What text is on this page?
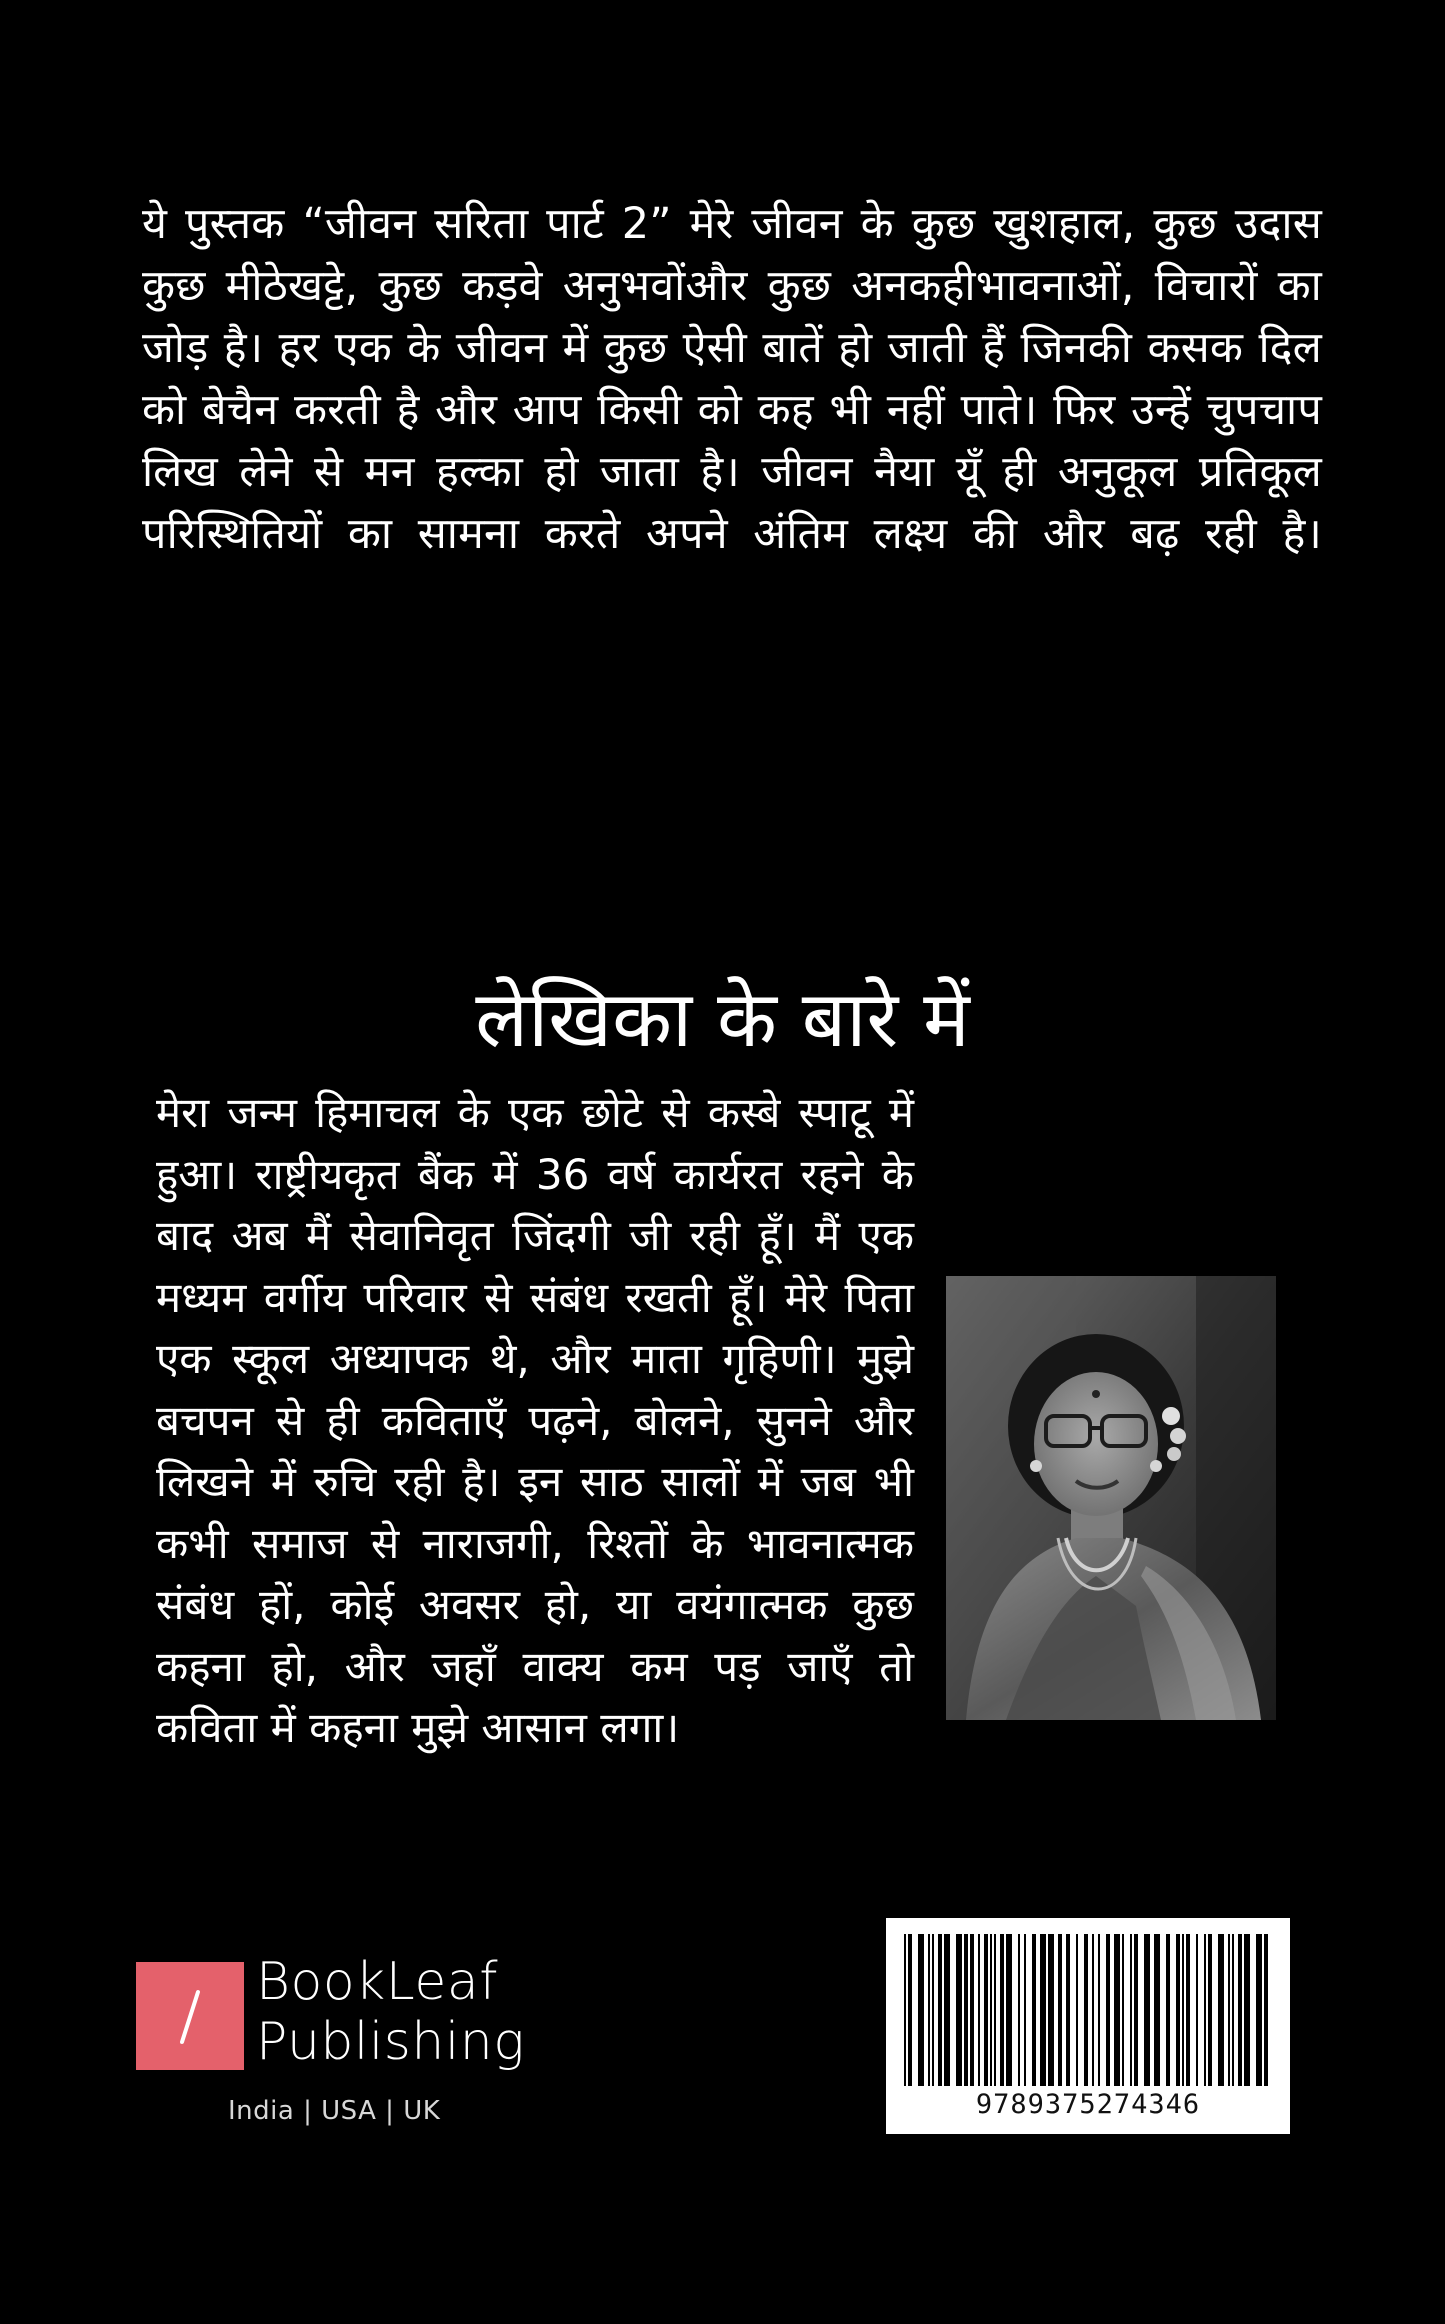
ये पुस्तक “जीवन सरिता पार्ट 2” मेरे जीवन के कुछ खुशहाल, कुछ उदास कुछ मीठेखट्टे, कुछ कड़वे अनुभवोंऔर कुछ अनकहीभावनाओं, विचारों का जोड़ है। हर एक के जीवन में कुछ ऐसी बातें हो जाती हैं जिनकी कसक दिल को बेचैन करती है और आप किसी को कह भी नहीं पाते। फिर उन्हें चुपचाप लिख लेने से मन हल्का हो जाता है। जीवन नैया यूँ ही अनुकूल प्रतिकूल परिस्थितियों का सामना करते अपने अंतिम लक्ष्य की और बढ़ रही है।

लेखिका के बारे में

मेरा जन्म हिमाचल के एक छोटे से कस्बे स्पाटू में हुआ। राष्ट्रीयकृत बैंक में 36 वर्ष कार्यरत रहने के बाद अब मैं सेवानिवृत जिंदगी जी रही हूँ। मैं एक मध्यम वर्गीय परिवार से संबंध रखती हूँ। मेरे पिता एक स्कूल अध्यापक थे, और माता गृहिणी। मुझे बचपन से ही कविताएँ पढ़ने, बोलने, सुनने और लिखने में रुचि रही है। इन साठ सालों में जब भी कभी समाज से नाराजगी, रिश्तों के भावनात्मक संबंध हों, कोई अवसर हो, या वयंगात्मक कुछ कहना हो, और जहाँ वाक्य कम पड़ जाएँ तो कविता में कहना मुझे आसान लगा।

BookLeaf
Publishing
India | USA | UK	9789375274346
